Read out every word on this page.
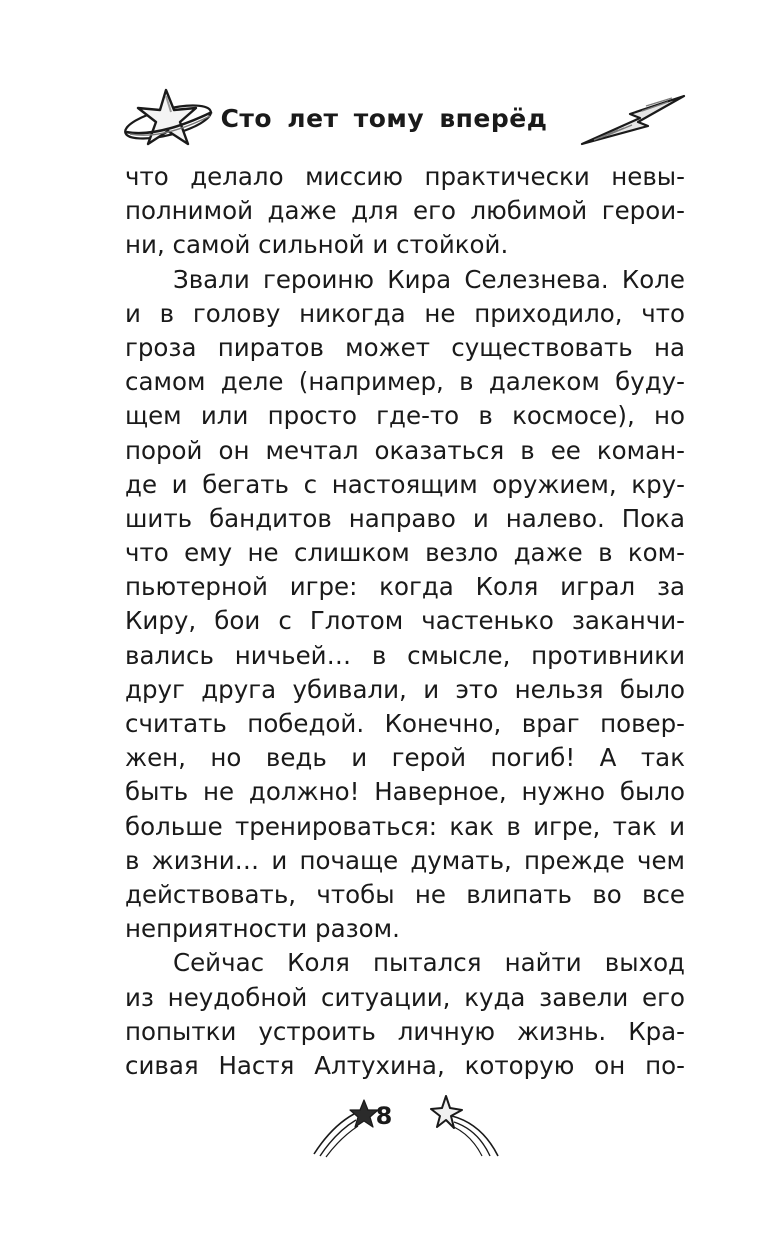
Сто лет тому вперёд
что делало миссию практически невы-
полнимой даже для его любимой герои-
ни, самой сильной и стойкой.
Звали героиню Кира Селезнева. Коле
и в голову никогда не приходило, что
гроза пиратов может существовать на
самом деле (например, в далеком буду-
щем или просто где-то в космосе), но
порой он мечтал оказаться в ее коман-
де и бегать с настоящим оружием, кру-
шить бандитов направо и налево. Пока
что ему не слишком везло даже в ком-
пьютерной игре: когда Коля играл за
Киру, бои с Глотом частенько заканчи-
вались ничьей… в смысле, противники
друг друга убивали, и это нельзя было
считать победой. Конечно, враг повер-
жен, но ведь и герой погиб! А так
быть не должно! Наверное, нужно было
больше тренироваться: как в игре, так и
в жизни… и почаще думать, прежде чем
действовать, чтобы не влипать во все
неприятности разом.
Сейчас Коля пытался найти выход
из неудобной ситуации, куда завели его
попытки устроить личную жизнь. Кра-
сивая Настя Алтухина, которую он по-
8
